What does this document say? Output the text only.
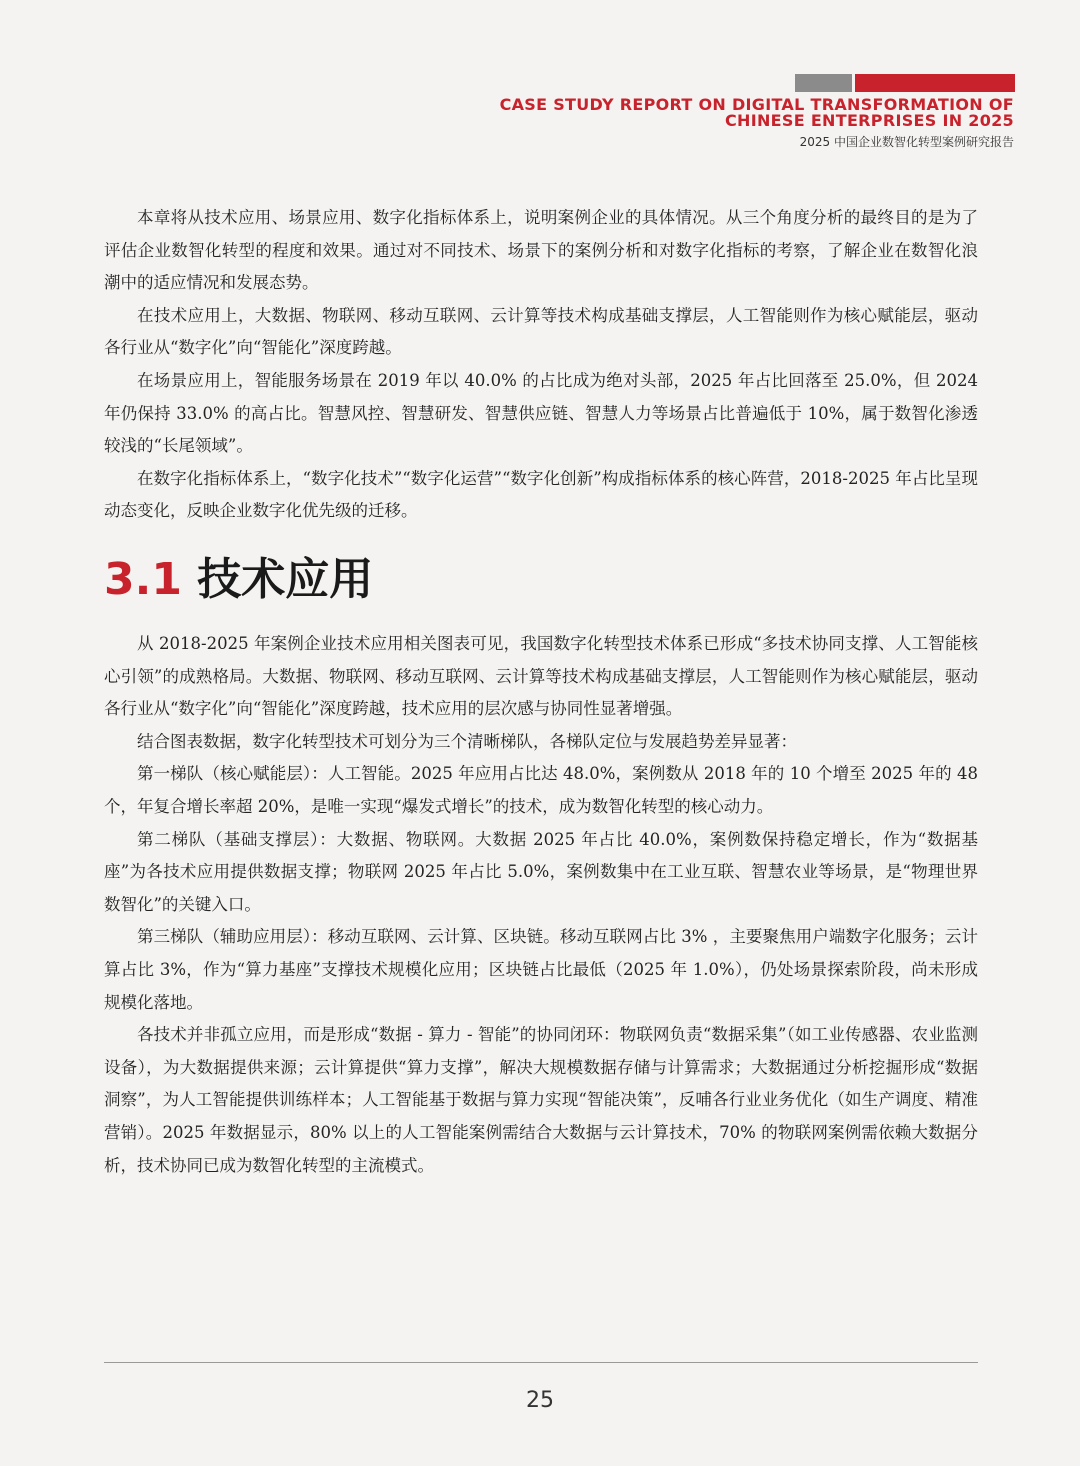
CASE STUDY REPORT ON DIGITAL TRANSFORMATION OF
CHINESE ENTERPRISES IN 2025
2025 中国企业数智化转型案例研究报告

本章将从技术应用、场景应用、数字化指标体系上，说明案例企业的具体情况。从三个角度分析的最终目的是为了评估企业数智化转型的程度和效果。通过对不同技术、场景下的案例分析和对数字化指标的考察，了解企业在数智化浪潮中的适应情况和发展态势。

在技术应用上，大数据、物联网、移动互联网、云计算等技术构成基础支撑层，人工智能则作为核心赋能层，驱动各行业从“数字化”向“智能化”深度跨越。

在场景应用上，智能服务场景在 2019 年以 40.0% 的占比成为绝对头部，2025 年占比回落至 25.0%，但 2024 年仍保持 33.0% 的高占比。智慧风控、智慧研发、智慧供应链、智慧人力等场景占比普遍低于 10%，属于数智化渗透较浅的“长尾领域”。

在数字化指标体系上，“数字化技术”“数字化运营”“数字化创新”构成指标体系的核心阵营，2018-2025 年占比呈现动态变化，反映企业数字化优先级的迁移。

3.1 技术应用

从 2018-2025 年案例企业技术应用相关图表可见，我国数字化转型技术体系已形成“多技术协同支撑、人工智能核心引领”的成熟格局。大数据、物联网、移动互联网、云计算等技术构成基础支撑层，人工智能则作为核心赋能层，驱动各行业从“数字化”向“智能化”深度跨越，技术应用的层次感与协同性显著增强。

结合图表数据，数字化转型技术可划分为三个清晰梯队，各梯队定位与发展趋势差异显著：

第一梯队（核心赋能层）：人工智能。2025 年应用占比达 48.0%，案例数从 2018 年的 10 个增至 2025 年的 48 个，年复合增长率超 20%，是唯一实现“爆发式增长”的技术，成为数智化转型的核心动力。

第二梯队（基础支撑层）：大数据、物联网。大数据 2025 年占比 40.0%，案例数保持稳定增长，作为“数据基座”为各技术应用提供数据支撑；物联网 2025 年占比 5.0%，案例数集中在工业互联、智慧农业等场景，是“物理世界数智化”的关键入口。

第三梯队（辅助应用层）：移动互联网、云计算、区块链。移动互联网占比 3% ，主要聚焦用户端数字化服务；云计算占比 3%，作为“算力基座”支撑技术规模化应用；区块链占比最低（2025 年 1.0%），仍处场景探索阶段，尚未形成规模化落地。

各技术并非孤立应用，而是形成“数据 - 算力 - 智能”的协同闭环：物联网负责“数据采集”（如工业传感器、农业监测设备），为大数据提供来源；云计算提供“算力支撑”，解决大规模数据存储与计算需求；大数据通过分析挖掘形成“数据洞察”，为人工智能提供训练样本；人工智能基于数据与算力实现“智能决策”，反哺各行业业务优化（如生产调度、精准营销）。2025 年数据显示，80% 以上的人工智能案例需结合大数据与云计算技术，70% 的物联网案例需依赖大数据分析，技术协同已成为数智化转型的主流模式。

25
